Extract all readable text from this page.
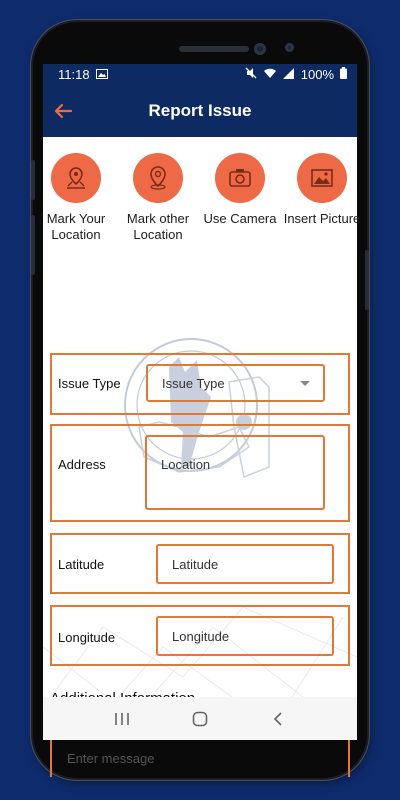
11:18	100%
Report Issue
Mark Your Location
Mark other Location
Use Camera Insert Picture
Issue Type
Issue Type
Address
Location
Latitude
Latitude
Longitude
Longitude
Enter message
